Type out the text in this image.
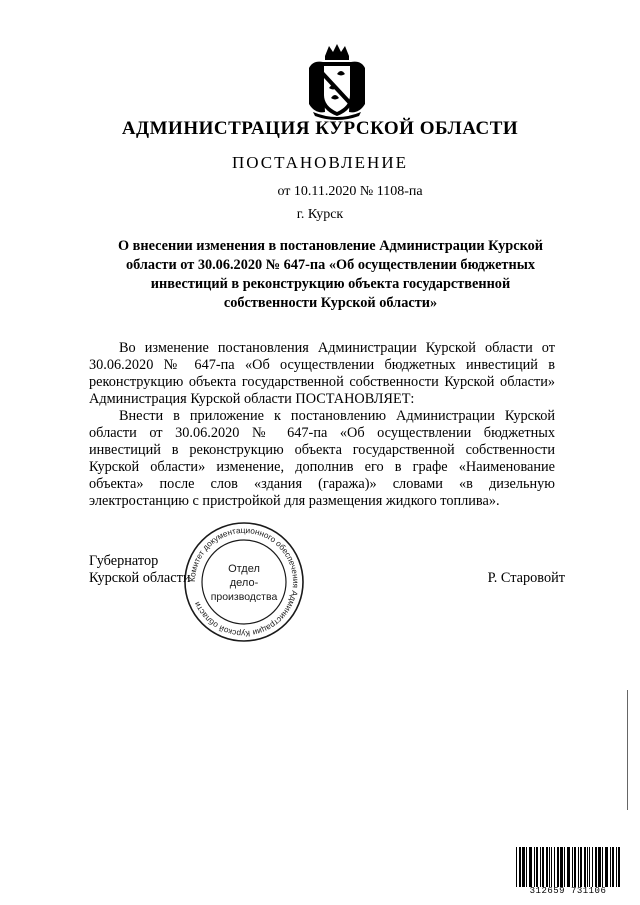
АДМИНИСТРАЦИЯ КУРСКОЙ ОБЛАСТИ
ПОСТАНОВЛЕНИЕ
от 10.11.2020 № 1108-па
г. Курск
О внесении изменения в постановление Администрации Курской области от 30.06.2020 № 647-па «Об осуществлении бюджетных инвестиций в реконструкцию объекта государственной собственности Курской области»

Во изменение постановления Администрации Курской области от 30.06.2020 № 647-па «Об осуществлении бюджетных инвестиций в реконструкцию объекта государственной собственности Курской области» Администрация Курской области ПОСТАНОВЛЯЕТ:

Внести в приложение к постановлению Администрации Курской области от 30.06.2020 № 647-па «Об осуществлении бюджетных инвестиций в реконструкцию объекта государственной собственности Курской области» изменение, дополнив его в графе «Наименование объекта» после слов «здания (гаража)» словами «в дизельную электростанцию с пристройкой для размещения жидкого топлива».

Губернатор
Курской области	Р. Старовойт
Комитет документационного обеспечения Администрации Курской области
Отдел
дело-
производства
312659 731106
